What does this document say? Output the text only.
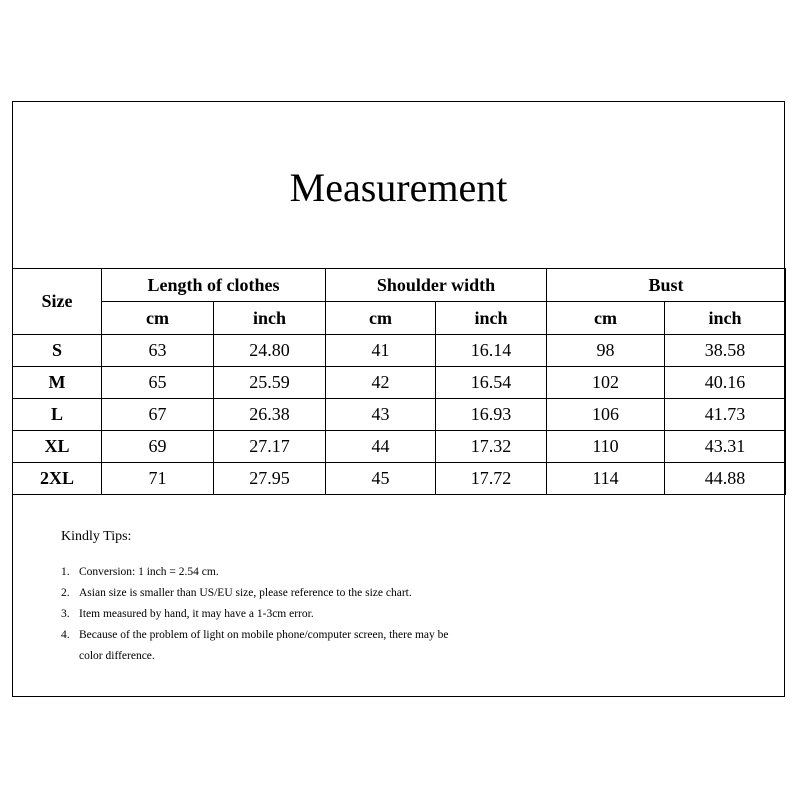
Measurement
Size	Length of clothes		Shoulder width		Bust	
	cm	inch	cm	inch	cm	inch
S	63	24.80	41	16.14	98	38.58
M	65	25.59	42	16.54	102	40.16
L	67	26.38	43	16.93	106	41.73
XL	69	27.17	44	17.32	110	43.31
2XL	71	27.95	45	17.72	114	44.88
Kindly Tips:
1. Conversion: 1 inch = 2.54 cm.
2. Asian size is smaller than US/EU size, please reference to the size chart.
3. Item measured by hand, it may have a 1-3cm error.
4. Because of the problem of light on mobile phone/computer screen, there may be
color difference.
